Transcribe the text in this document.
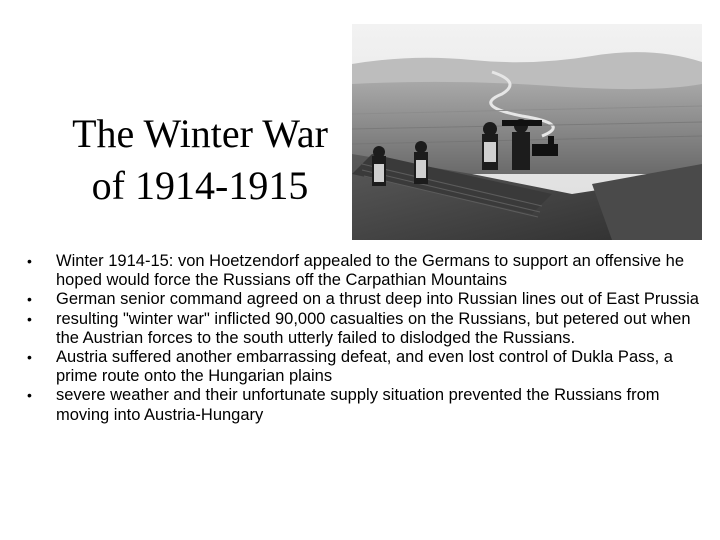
The Winter War
of 1914-1915
• Winter 1914-15: von Hoetzendorf appealed to the Germans to support an offensive he hoped would force the Russians off the Carpathian Mountains
• German senior command agreed on a thrust deep into Russian lines out of East Prussia
• resulting "winter war" inflicted 90,000 casualties on the Russians, but petered out when the Austrian forces to the south utterly failed to dislodged the Russians.
• Austria suffered another embarrassing defeat, and even lost control of Dukla Pass, a prime route onto the Hungarian plains
• severe weather and their unfortunate supply situation prevented the Russians from moving into Austria-Hungary
